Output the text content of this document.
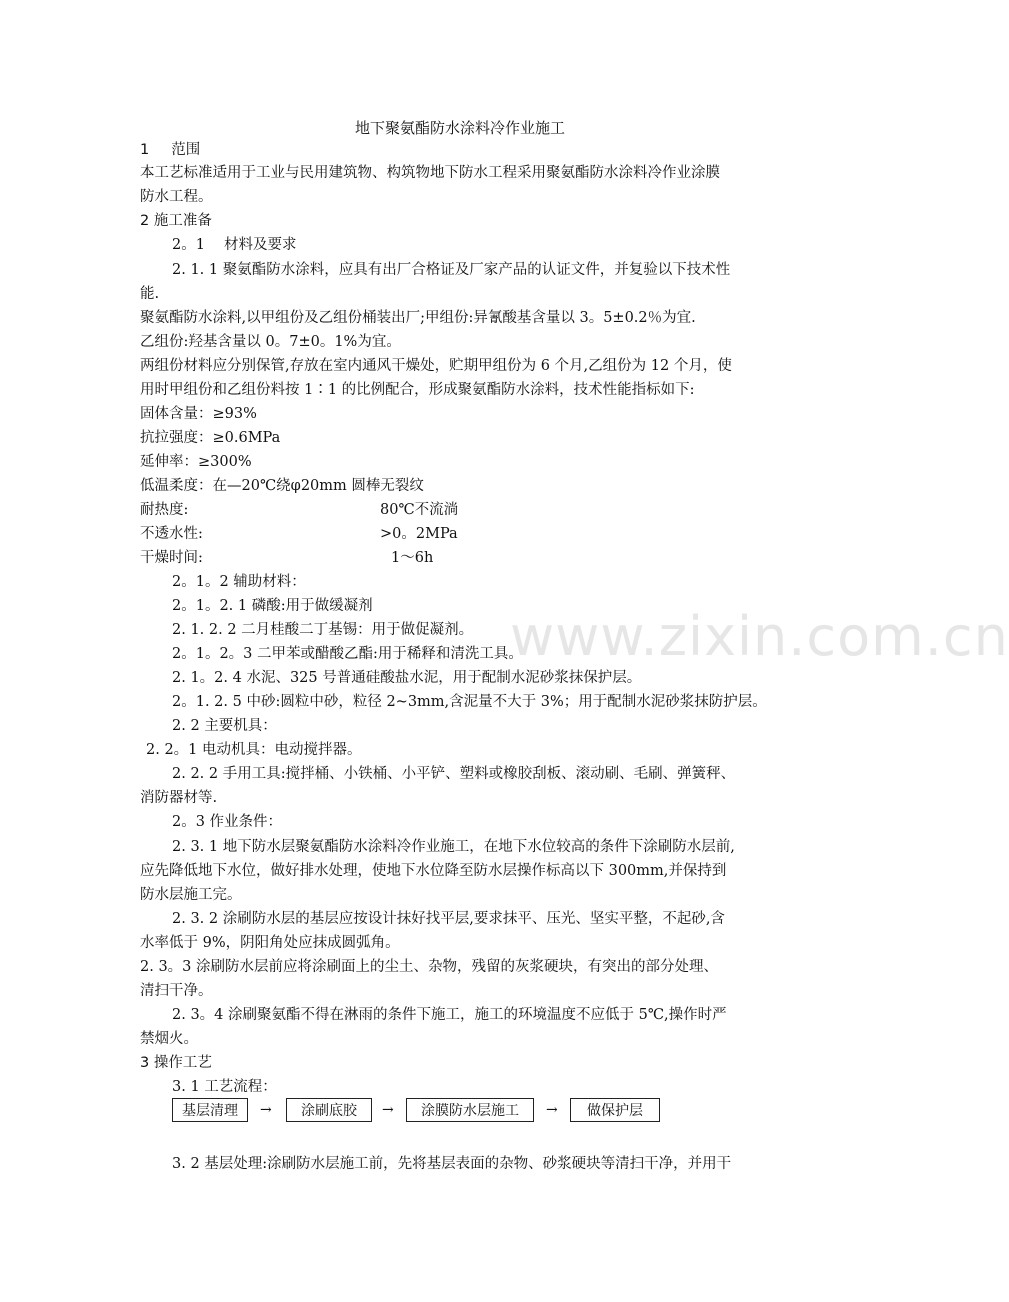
www.zixin.com.cn
地下聚氨酯防水涂料冷作业施工
1 范围
本工艺标准适用于工业与民用建筑物、构筑物地下防水工程采用聚氨酯防水涂料冷作业涂膜
防水工程。
2 施工准备
2。1　 材料及要求
2. 1. 1 聚氨酯防水涂料，应具有出厂合格证及厂家产品的认证文件，并复验以下技术性
能.
聚氨酯防水涂料,以甲组份及乙组份桶装出厂;甲组份:异氰酸基含量以 3。5±0.2％为宜.
乙组份:羟基含量以 0。7±0。1%为宜。
两组份材料应分别保管,存放在室内通风干燥处，贮期甲组份为 6 个月,乙组份为 12 个月，使
用时甲组份和乙组份料按 1∶1 的比例配合，形成聚氨酯防水涂料，技术性能指标如下:
固体含量：≥93%
抗拉强度：≥0.6MPa
延伸率：≥300%
低温柔度：在—20℃绕φ20mm 圆棒无裂纹
耐热度:	80℃不流淌
不透水性:	>0。2MPa
干燥时间:	1～6h
2。1。2 辅助材料：
2。1。2. 1 磷酸:用于做缓凝剂
2. 1. 2. 2 二月桂酸二丁基锡：用于做促凝剂。
2。1。2。3 二甲苯或醋酸乙酯:用于稀释和清洗工具。
2. 1。2. 4 水泥、325 号普通硅酸盐水泥，用于配制水泥砂浆抹保护层。
2。1. 2. 5 中砂:圆粒中砂，粒径 2~3mm,含泥量不大于 3%；用于配制水泥砂浆抹防护层。
2. 2 主要机具：
2. 2。1 电动机具：电动搅拌器。
2. 2. 2 手用工具:搅拌桶、小铁桶、小平铲、塑料或橡胶刮板、滚动刷、毛刷、弹簧秤、
消防器材等.
2。3 作业条件：
2. 3. 1 地下防水层聚氨酯防水涂料冷作业施工，在地下水位较高的条件下涂刷防水层前,
应先降低地下水位，做好排水处理，使地下水位降至防水层操作标高以下 300mm,并保持到
防水层施工完。
2. 3. 2 涂刷防水层的基层应按设计抹好找平层,要求抹平、压光、坚实平整，不起砂,含
水率低于 9%，阴阳角处应抹成圆弧角。
2. 3。3 涂刷防水层前应将涂刷面上的尘土、杂物，残留的灰浆硬块，有突出的部分处理、
清扫干净。
2. 3。4 涂刷聚氨酯不得在淋雨的条件下施工，施工的环境温度不应低于 5℃,操作时严
禁烟火。
3 操作工艺
3. 1 工艺流程：
基层清理	→	涂刷底胶	→	涂膜防水层施工	→	做保护层
3. 2 基层处理:涂刷防水层施工前，先将基层表面的杂物、砂浆硬块等清扫干净，并用干
